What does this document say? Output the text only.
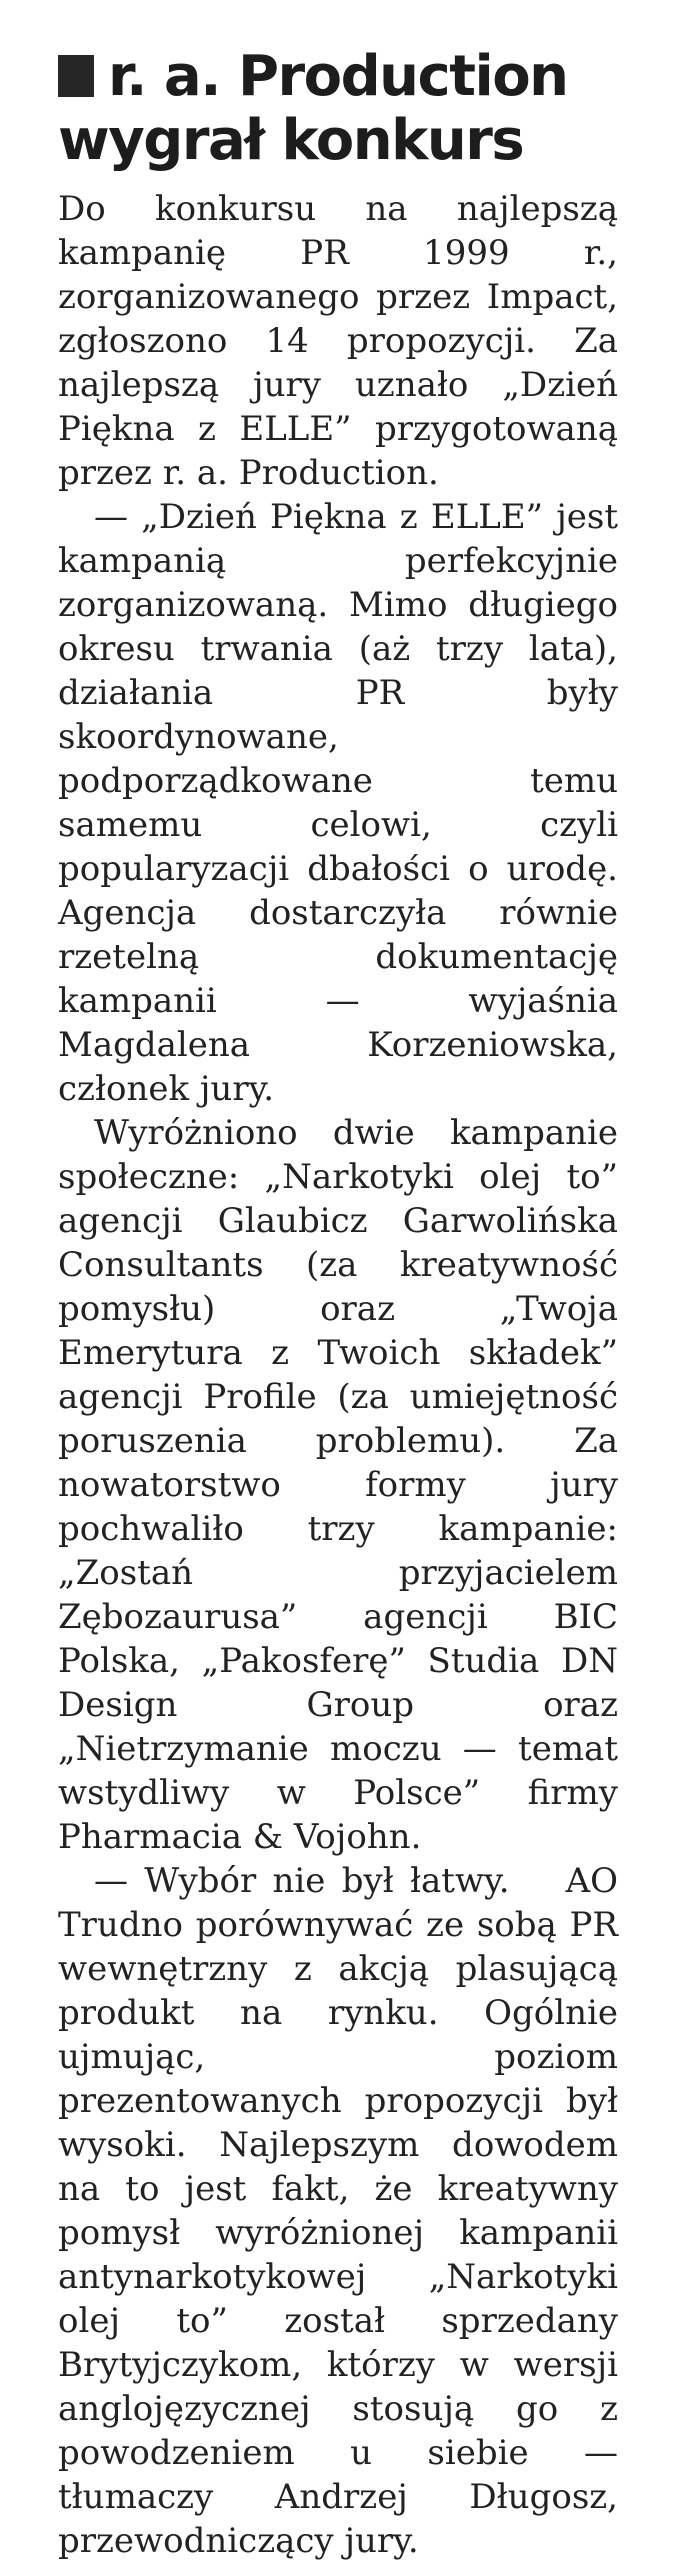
r. a. Production
wygrał konkurs

Do konkursu na najlepszą kampanię PR 1999 r., zorganizowanego przez Impact, zgłoszono 14 propozycji. Za najlepszą jury uznało „Dzień Piękna z ELLE” przygotowaną przez r. a. Production.

— „Dzień Piękna z ELLE” jest kampanią perfekcyjnie zorganizowaną. Mimo długiego okresu trwania (aż trzy lata), działania PR były skoordynowane, podporządkowane temu samemu celowi, czyli popularyzacji dbałości o urodę. Agencja dostarczyła równie rzetelną dokumentację kampanii — wyjaśnia Magdalena Korzeniowska, członek jury.

Wyróżniono dwie kampanie społeczne: „Narkotyki olej to” agencji Glaubicz Garwolińska Consultants (za kreatywność pomysłu) oraz „Twoja Emerytura z Twoich składek” agencji Profile (za umiejętność poruszenia problemu). Za nowatorstwo formy jury pochwaliło trzy kampanie: „Zostań przyjacielem Zębozaurusa” agencji BIC Polska, „Pakosferę” Studia DN Design Group oraz „Nietrzymanie moczu — temat wstydliwy w Polsce” firmy Pharmacia & Vojohn.

AO
— Wybór nie był łatwy. Trudno porównywać ze sobą PR wewnętrzny z akcją plasującą produkt na rynku. Ogólnie ujmując, poziom prezentowanych propozycji był wysoki. Najlepszym dowodem na to jest fakt, że kreatywny pomysł wyróżnionej kampanii antynarkotykowej „Narkotyki olej to” został sprzedany Brytyjczykom, którzy w wersji anglojęzycznej stosują go z powodzeniem u siebie — tłumaczy Andrzej Długosz, przewodniczący jury.
